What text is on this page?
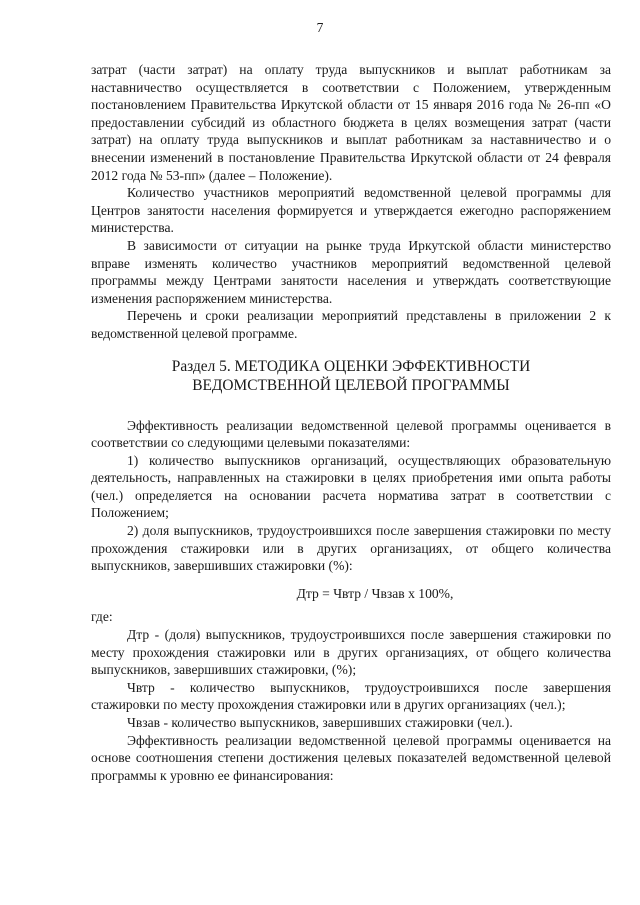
7

затрат (части затрат) на оплату труда выпускников и выплат работникам за наставничество осуществляется в соответствии с Положением, утвержденным постановлением Правительства Иркутской области от 15 января 2016 года № 26-пп «О предоставлении субсидий из областного бюджета в целях возмещения затрат (части затрат) на оплату труда выпускников и выплат работникам за наставничество и о внесении изменений в постановление Правительства Иркутской области от 24 февраля 2012 года № 53-пп» (далее – Положение).

Количество участников мероприятий ведомственной целевой программы для Центров занятости населения формируется и утверждается ежегодно распоряжением министерства.

В зависимости от ситуации на рынке труда Иркутской области министерство вправе изменять количество участников мероприятий ведомственной целевой программы между Центрами занятости населения и утверждать соответствующие изменения распоряжением министерства.

Перечень и сроки реализации мероприятий представлены в приложении 2 к ведомственной целевой программе.

Раздел 5. МЕТОДИКА ОЦЕНКИ ЭФФЕКТИВНОСТИ
ВЕДОМСТВЕННОЙ ЦЕЛЕВОЙ ПРОГРАММЫ

Эффективность реализации ведомственной целевой программы оценивается в соответствии со следующими целевыми показателями:

1) количество выпускников организаций, осуществляющих образовательную деятельность, направленных на стажировки в целях приобретения ими опыта работы (чел.) определяется на основании расчета норматива затрат в соответствии с Положением;

2) доля выпускников, трудоустроившихся после завершения стажировки по месту прохождения стажировки или в других организациях, от общего количества выпускников, завершивших стажировки (%):

Дтр = Чвтр / Чвзав х 100%,

где:

Дтр - (доля) выпускников, трудоустроившихся после завершения стажировки по месту прохождения стажировки или в других организациях, от общего количества выпускников, завершивших стажировки, (%);

Чвтр - количество выпускников, трудоустроившихся после завершения стажировки по месту прохождения стажировки или в других организациях (чел.);

Чвзав - количество выпускников, завершивших стажировки (чел.).

Эффективность реализации ведомственной целевой программы оценивается на основе соотношения степени достижения целевых показателей ведомственной целевой программы к уровню ее финансирования:
